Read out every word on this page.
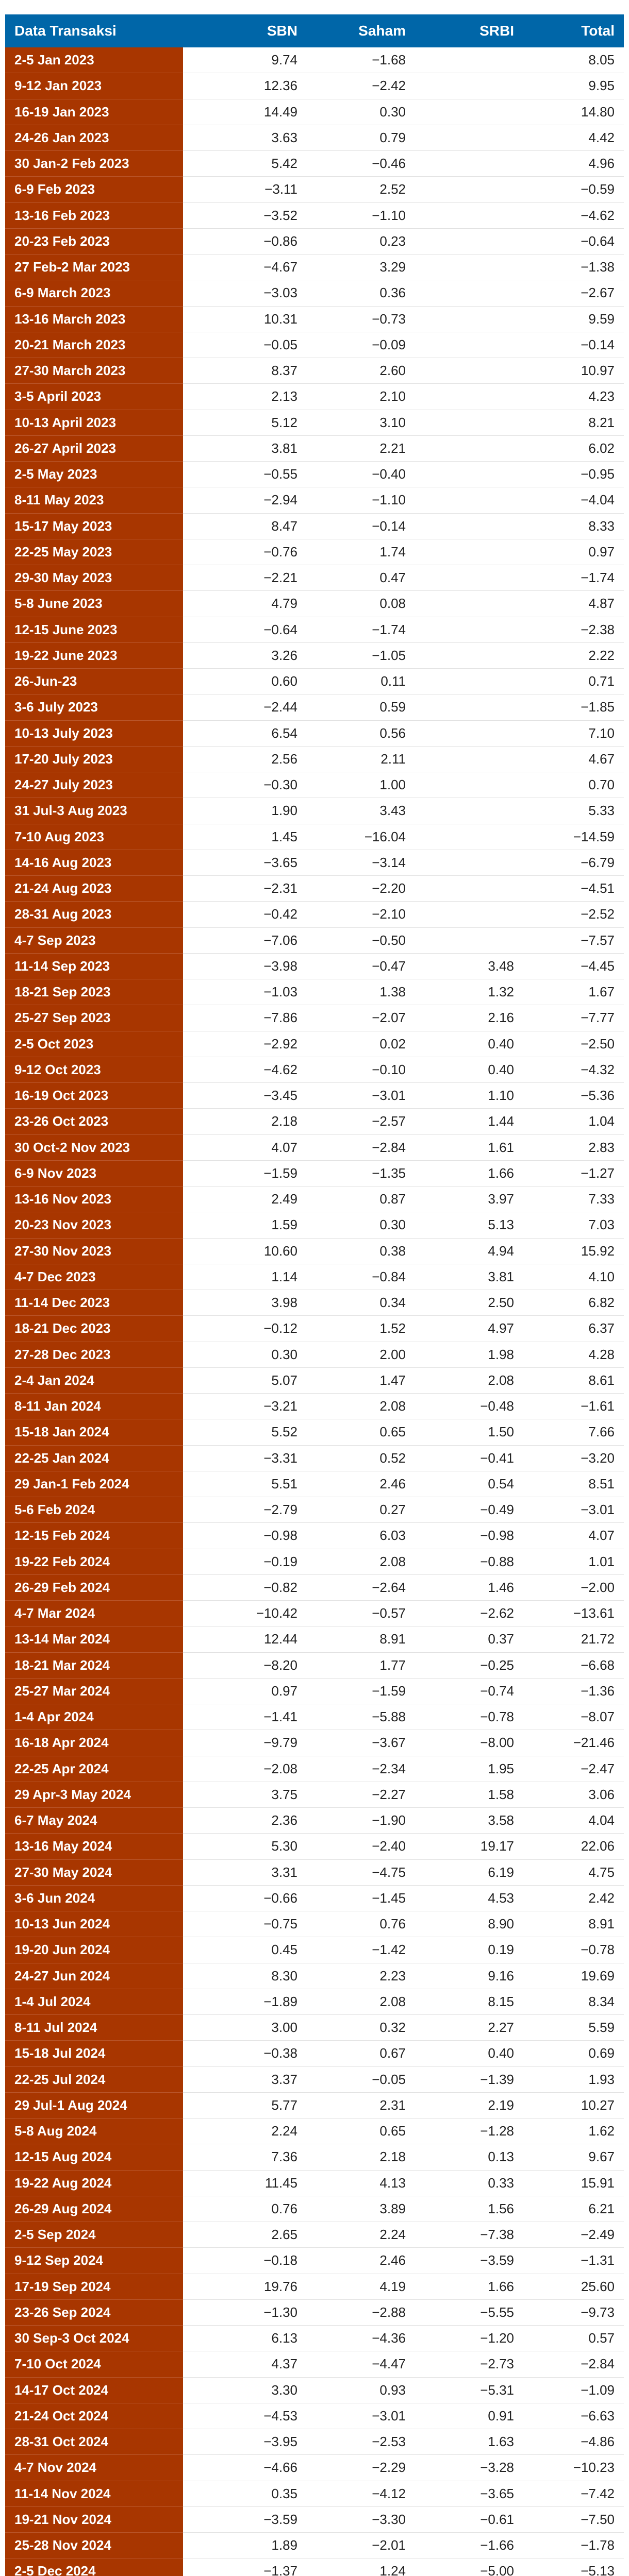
Data Transaksi	SBN	Saham	SRBI	Total
2-5 Jan 2023	9.74	−1.68		8.05
9-12 Jan 2023	12.36	−2.42		9.95
16-19 Jan 2023	14.49	0.30		14.80
24-26 Jan 2023	3.63	0.79		4.42
30 Jan-2 Feb 2023	5.42	−0.46		4.96
6-9 Feb 2023	−3.11	2.52		−0.59
13-16 Feb 2023	−3.52	−1.10		−4.62
20-23 Feb 2023	−0.86	0.23		−0.64
27 Feb-2 Mar 2023	−4.67	3.29		−1.38
6-9 March 2023	−3.03	0.36		−2.67
13-16 March 2023	10.31	−0.73		9.59
20-21 March 2023	−0.05	−0.09		−0.14
27-30 March 2023	8.37	2.60		10.97
3-5 April 2023	2.13	2.10		4.23
10-13 April 2023	5.12	3.10		8.21
26-27 April 2023	3.81	2.21		6.02
2-5 May 2023	−0.55	−0.40		−0.95
8-11 May 2023	−2.94	−1.10		−4.04
15-17 May 2023	8.47	−0.14		8.33
22-25 May 2023	−0.76	1.74		0.97
29-30 May 2023	−2.21	0.47		−1.74
5-8 June 2023	4.79	0.08		4.87
12-15 June 2023	−0.64	−1.74		−2.38
19-22 June 2023	3.26	−1.05		2.22
26-Jun-23	0.60	0.11		0.71
3-6 July 2023	−2.44	0.59		−1.85
10-13 July 2023	6.54	0.56		7.10
17-20 July 2023	2.56	2.11		4.67
24-27 July 2023	−0.30	1.00		0.70
31 Jul-3 Aug 2023	1.90	3.43		5.33
7-10 Aug 2023	1.45	−16.04		−14.59
14-16 Aug 2023	−3.65	−3.14		−6.79
21-24 Aug 2023	−2.31	−2.20		−4.51
28-31 Aug 2023	−0.42	−2.10		−2.52
4-7 Sep 2023	−7.06	−0.50		−7.57
11-14 Sep 2023	−3.98	−0.47	3.48	−4.45
18-21 Sep 2023	−1.03	1.38	1.32	1.67
25-27 Sep 2023	−7.86	−2.07	2.16	−7.77
2-5 Oct 2023	−2.92	0.02	0.40	−2.50
9-12 Oct 2023	−4.62	−0.10	0.40	−4.32
16-19 Oct 2023	−3.45	−3.01	1.10	−5.36
23-26 Oct 2023	2.18	−2.57	1.44	1.04
30 Oct-2 Nov 2023	4.07	−2.84	1.61	2.83
6-9 Nov 2023	−1.59	−1.35	1.66	−1.27
13-16 Nov 2023	2.49	0.87	3.97	7.33
20-23 Nov 2023	1.59	0.30	5.13	7.03
27-30 Nov 2023	10.60	0.38	4.94	15.92
4-7 Dec 2023	1.14	−0.84	3.81	4.10
11-14 Dec 2023	3.98	0.34	2.50	6.82
18-21 Dec 2023	−0.12	1.52	4.97	6.37
27-28 Dec 2023	0.30	2.00	1.98	4.28
2-4 Jan 2024	5.07	1.47	2.08	8.61
8-11 Jan 2024	−3.21	2.08	−0.48	−1.61
15-18 Jan 2024	5.52	0.65	1.50	7.66
22-25 Jan 2024	−3.31	0.52	−0.41	−3.20
29 Jan-1 Feb 2024	5.51	2.46	0.54	8.51
5-6 Feb 2024	−2.79	0.27	−0.49	−3.01
12-15 Feb 2024	−0.98	6.03	−0.98	4.07
19-22 Feb 2024	−0.19	2.08	−0.88	1.01
26-29 Feb 2024	−0.82	−2.64	1.46	−2.00
4-7 Mar 2024	−10.42	−0.57	−2.62	−13.61
13-14 Mar 2024	12.44	8.91	0.37	21.72
18-21 Mar 2024	−8.20	1.77	−0.25	−6.68
25-27 Mar 2024	0.97	−1.59	−0.74	−1.36
1-4 Apr 2024	−1.41	−5.88	−0.78	−8.07
16-18 Apr 2024	−9.79	−3.67	−8.00	−21.46
22-25 Apr 2024	−2.08	−2.34	1.95	−2.47
29 Apr-3 May 2024	3.75	−2.27	1.58	3.06
6-7 May 2024	2.36	−1.90	3.58	4.04
13-16 May 2024	5.30	−2.40	19.17	22.06
27-30 May 2024	3.31	−4.75	6.19	4.75
3-6 Jun 2024	−0.66	−1.45	4.53	2.42
10-13 Jun 2024	−0.75	0.76	8.90	8.91
19-20 Jun 2024	0.45	−1.42	0.19	−0.78
24-27 Jun 2024	8.30	2.23	9.16	19.69
1-4 Jul 2024	−1.89	2.08	8.15	8.34
8-11 Jul 2024	3.00	0.32	2.27	5.59
15-18 Jul 2024	−0.38	0.67	0.40	0.69
22-25 Jul 2024	3.37	−0.05	−1.39	1.93
29 Jul-1 Aug 2024	5.77	2.31	2.19	10.27
5-8 Aug 2024	2.24	0.65	−1.28	1.62
12-15 Aug 2024	7.36	2.18	0.13	9.67
19-22 Aug 2024	11.45	4.13	0.33	15.91
26-29 Aug 2024	0.76	3.89	1.56	6.21
2-5 Sep 2024	2.65	2.24	−7.38	−2.49
9-12 Sep 2024	−0.18	2.46	−3.59	−1.31
17-19 Sep 2024	19.76	4.19	1.66	25.60
23-26 Sep 2024	−1.30	−2.88	−5.55	−9.73
30 Sep-3 Oct 2024	6.13	−4.36	−1.20	0.57
7-10 Oct 2024	4.37	−4.47	−2.73	−2.84
14-17 Oct 2024	3.30	0.93	−5.31	−1.09
21-24 Oct 2024	−4.53	−3.01	0.91	−6.63
28-31 Oct 2024	−3.95	−2.53	1.63	−4.86
4-7 Nov 2024	−4.66	−2.29	−3.28	−10.23
11-14 Nov 2024	0.35	−4.12	−3.65	−7.42
19-21 Nov 2024	−3.59	−3.30	−0.61	−7.50
25-28 Nov 2024	1.89	−2.01	−1.66	−1.78
2-5 Dec 2024	−1.37	1.24	−5.00	−5.13
